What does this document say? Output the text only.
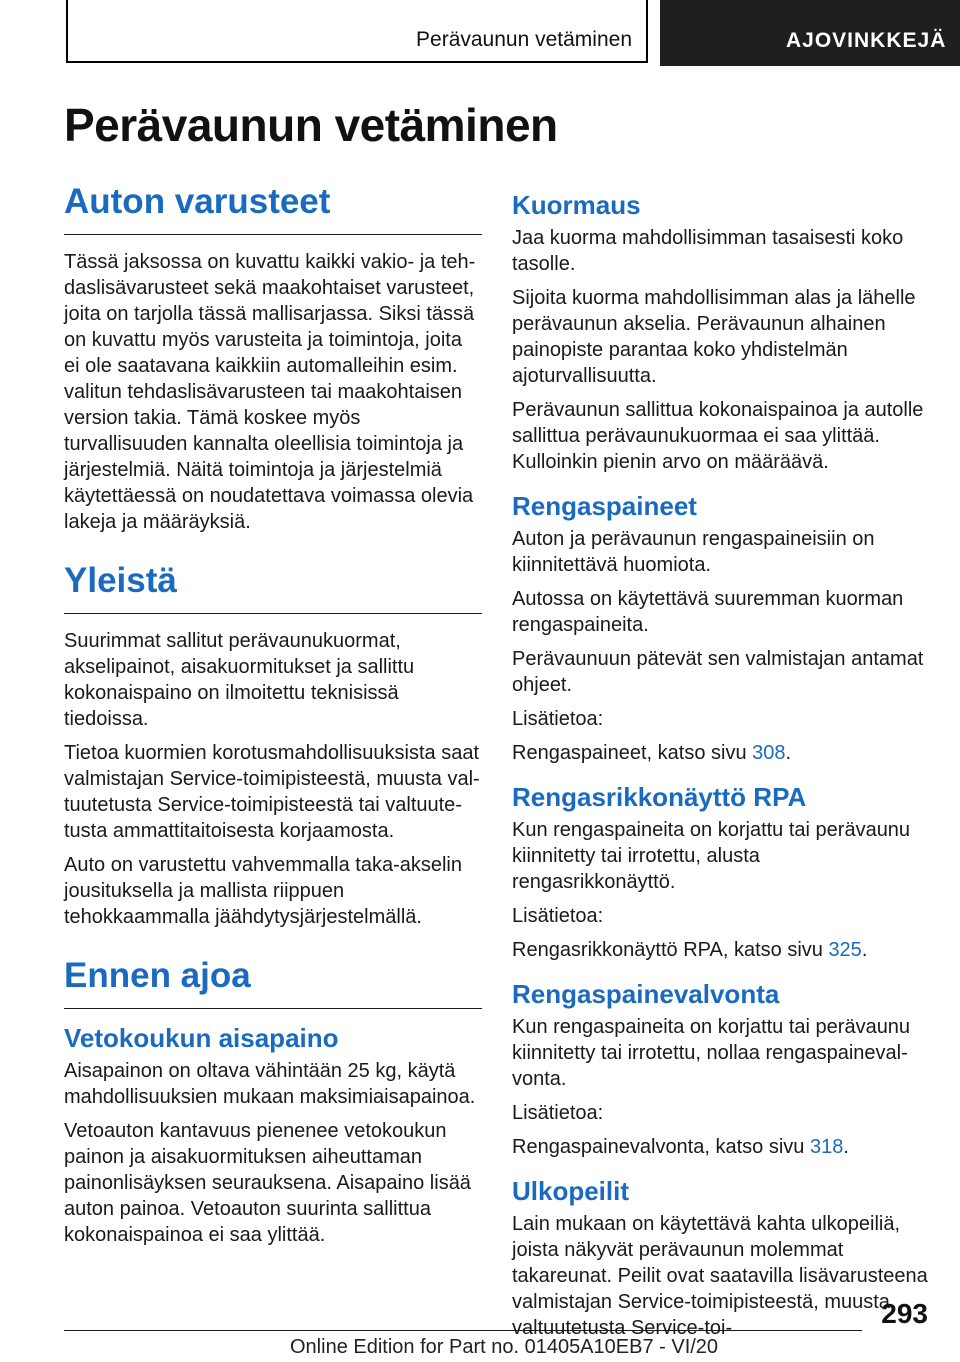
Perävaunun vetäminen	AJOVINKKEJÄ
Perävaunun vetäminen
Auton varusteet

Tässä jaksossa on kuvattu kaikki vakio- ja tehdaslisävarusteet sekä maakohtaiset varusteet, joita on tarjolla tässä mallisarjassa. Siksi tässä on kuvattu myös varusteita ja toimintoja, joita ei ole saatavana kaikkiin automalleihin esim. valitun tehdaslisävarusteen tai maakohtaisen version takia. Tämä koskee myös turvallisuuden kannalta oleellisia toimintoja ja järjestelmiä. Näitä toimintoja ja järjestelmiä käytettäessä on noudatettava voimassa olevia lakeja ja määräyksiä.

Yleistä

Suurimmat sallitut perävaunukuormat, akselipainot, aisakuormitukset ja sallittu kokonaispaino on ilmoitettu teknisissä tiedoissa.

Tietoa kuormien korotusmahdollisuuksista saat valmistajan Service-toimipisteestä, muusta valtuutetusta Service-toimipisteestä tai valtuutetusta ammattitaitoisesta korjaamosta.

Auto on varustettu vahvemmalla taka-akselin jousituksella ja mallista riippuen tehokkaammalla jäähdytysjärjestelmällä.

Ennen ajoa
Vetokoukun aisapaino

Aisapainon on oltava vähintään 25 kg, käytä mahdollisuuksien mukaan maksimiaisapainoa.

Vetoauton kantavuus pienenee vetokoukun painon ja aisakuormituksen aiheuttaman painonlisäyksen seurauksena. Aisapaino lisää auton painoa. Vetoauton suurinta sallittua kokonaispainoa ei saa ylittää.

Kuormaus

Jaa kuorma mahdollisimman tasaisesti koko tasolle.

Sijoita kuorma mahdollisimman alas ja lähelle perävaunun akselia. Perävaunun alhainen painopiste parantaa koko yhdistelmän ajoturvallisuutta.

Perävaunun sallittua kokonaispainoa ja autolle sallittua perävaunukuormaa ei saa ylittää. Kulloinkin pienin arvo on määräävä.

Rengaspaineet

Auton ja perävaunun rengaspaineisiin on kiinnitettävä huomiota.

Autossa on käytettävä suuremman kuorman rengaspaineita.

Perävaunuun pätevät sen valmistajan antamat ohjeet.

Lisätietoa:

Rengaspaineet, katso sivu 308.

Rengasrikkonäyttö RPA

Kun rengaspaineita on korjattu tai perävaunu kiinnitetty tai irrotettu, alusta rengasrikkonäyttö.

Lisätietoa:

Rengasrikkonäyttö RPA, katso sivu 325.

Rengaspainevalvonta

Kun rengaspaineita on korjattu tai perävaunu kiinnitetty tai irrotettu, nollaa rengaspainevalvonta.

Lisätietoa:

Rengaspainevalvonta, katso sivu 318.

Ulkopeilit

Lain mukaan on käytettävä kahta ulkopeiliä, joista näkyvät perävaunun molemmat takareunat. Peilit ovat saatavilla lisävarusteena valmistajan Service-toimipisteestä, muusta valtuutetusta Service-toi-	293
Online Edition for Part no. 01405A10EB7 - VI/20
